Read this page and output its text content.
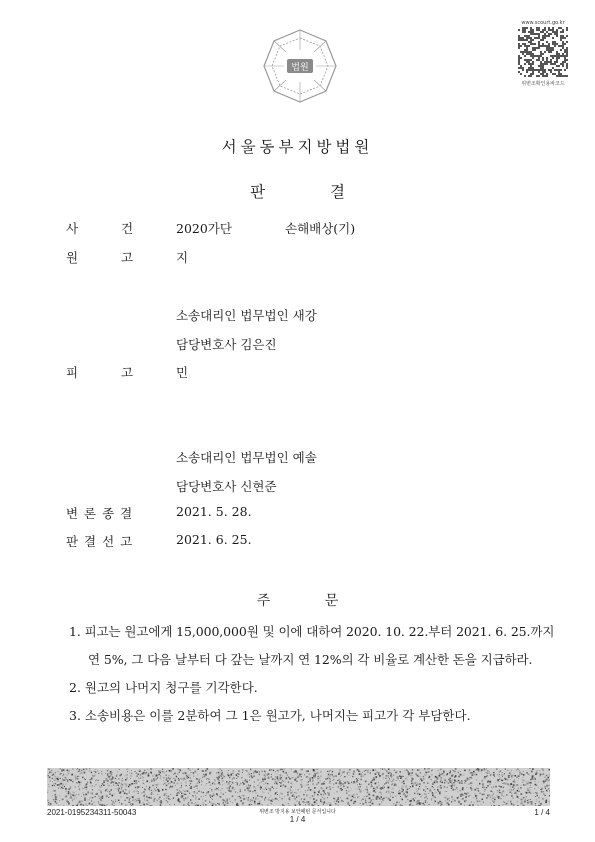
법원
www.scourt.go.kr
위변조확인용바코드
서울동부지방법원
판 결
사	건	2020가단	손해배상(기)
원	고	지
소송대리인 법무법인 새강
담당변호사 김은진
피	고	민
소송대리인 법무법인 예솔
담당변호사 신현준
변 론 종 결	2021. 5. 28.
판 결 선 고	2021. 6. 25.
주 문
1. 피고는 원고에게 15,000,000원 및 이에 대하여 2020. 10. 22.부터 2021. 6. 25.까지
연 5%, 그 다음 날부터 다 갚는 날까지 연 12%의 각 비율로 계산한 돈을 지급하라.
2. 원고의 나머지 청구를 기각한다.
3. 소송비용은 이를 2분하여 그 1은 원고가, 나머지는 피고가 각 부담한다.
2021-0195234311-50043	위변조 방지용 보안패턴 문서입니다
1 / 4
1 / 4
